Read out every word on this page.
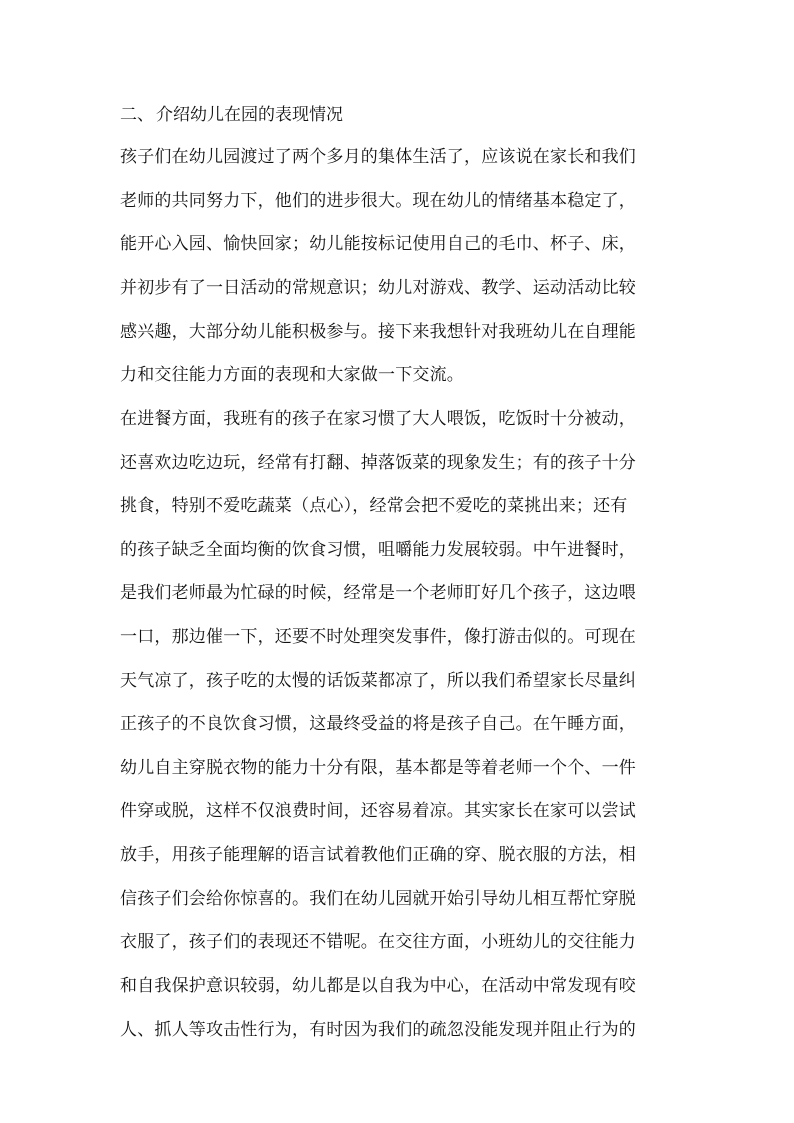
二、 介绍幼儿在园的表现情况
孩子们在幼儿园渡过了两个多月的集体生活了，应该说在家长和我们
老师的共同努力下，他们的进步很大。现在幼儿的情绪基本稳定了，
能开心入园、愉快回家；幼儿能按标记使用自己的毛巾、杯子、床，
并初步有了一日活动的常规意识；幼儿对游戏、教学、运动活动比较
感兴趣，大部分幼儿能积极参与。接下来我想针对我班幼儿在自理能
力和交往能力方面的表现和大家做一下交流。
在进餐方面，我班有的孩子在家习惯了大人喂饭，吃饭时十分被动，
还喜欢边吃边玩，经常有打翻、掉落饭菜的现象发生；有的孩子十分
挑食，特别不爱吃蔬菜（点心），经常会把不爱吃的菜挑出来；还有
的孩子缺乏全面均衡的饮食习惯，咀嚼能力发展较弱。中午进餐时，
是我们老师最为忙碌的时候，经常是一个老师盯好几个孩子，这边喂
一口，那边催一下，还要不时处理突发事件，像打游击似的。可现在
天气凉了，孩子吃的太慢的话饭菜都凉了，所以我们希望家长尽量纠
正孩子的不良饮食习惯，这最终受益的将是孩子自己。在午睡方面，
幼儿自主穿脱衣物的能力十分有限，基本都是等着老师一个个、一件
件穿或脱，这样不仅浪费时间，还容易着凉。其实家长在家可以尝试
放手，用孩子能理解的语言试着教他们正确的穿、脱衣服的方法，相
信孩子们会给你惊喜的。我们在幼儿园就开始引导幼儿相互帮忙穿脱
衣服了，孩子们的表现还不错呢。在交往方面，小班幼儿的交往能力
和自我保护意识较弱，幼儿都是以自我为中心，在活动中常发现有咬
人、抓人等攻击性行为，有时因为我们的疏忽没能发现并阻止行为的
